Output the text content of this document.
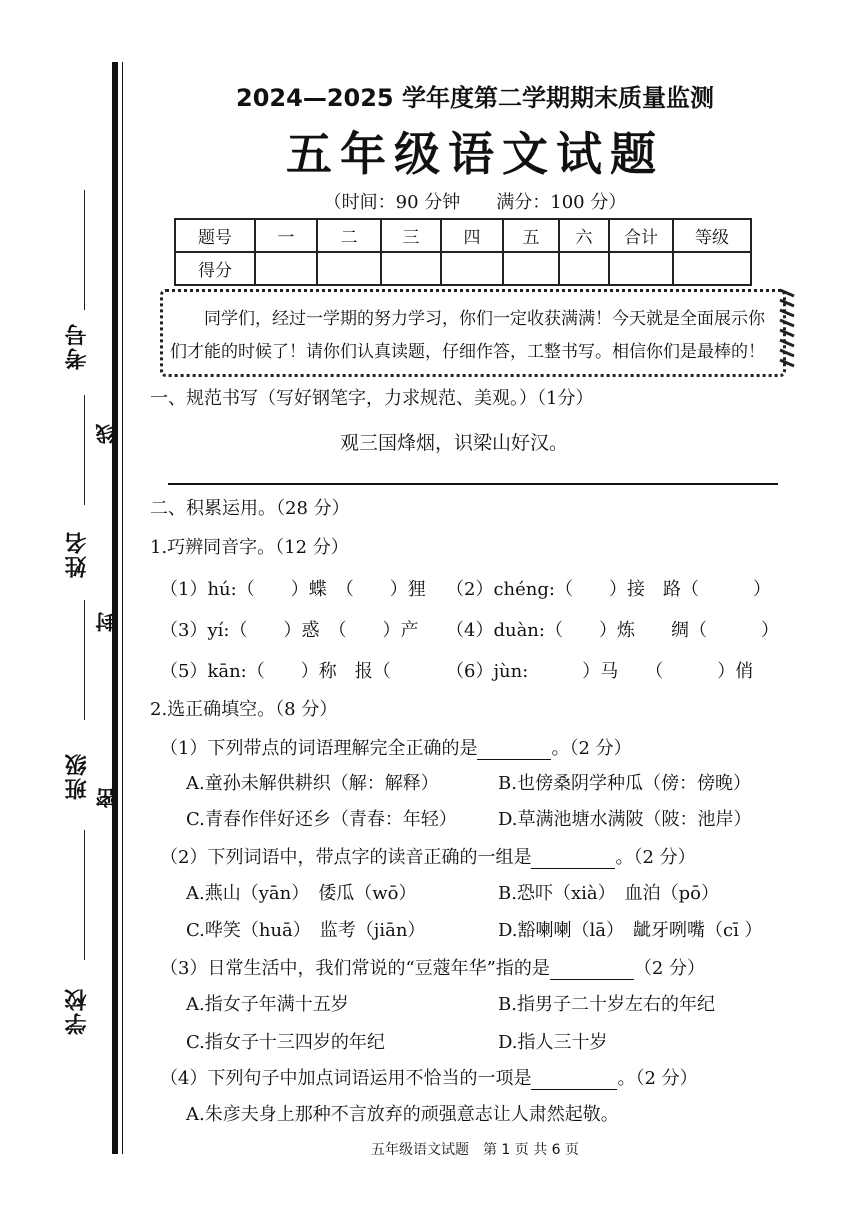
考号
姓名
班级
学校
线
封
密
2024—2025 学年度第二学期期末质量监测
五年级语文试题
（时间：90 分钟　　满分：100 分）
题号	一	二	三	四	五	六	合计	等级
得分								
同学们，经过一学期的努力学习，你们一定收获满满！今天就是全面展示你们才能的时候了！请你们认真读题，仔细作答，工整书写。相信你们是最棒的！
一、规范书写（写好钢笔字，力求规范、美观。）（1分）
观三国烽烟，识梁山好汉。
二、积累运用。（28 分）
1.巧辨同音字。（12 分）
（1）hú:（　　）蝶　（　　）狸 （2）chéng:（　　）接　路（　　　）
（3）yí:（　　）惑　（　　）产 （4）duàn:（　　）炼　　绸（　　　）
（5）kān:（　　）称　报（　　　 （6）jùn:　　　）马　　（　　　）俏
2.选正确填空。（8 分）
（1）下列带点的词语理解完全正确的是	。（2 分）
A.童孙未解供耕织（解：解释）	B.也傍桑阴学种瓜（傍：傍晚）
C.青春作伴好还乡（青春：年轻） D.草满池塘水满陂（陂：池岸）
（2）下列词语中，带点字的读音正确的一组是	。（2 分）
A.燕山（yān）　倭瓜（wō）	B.恐吓（xià）　血泊（pō）
C.哗笑（huā）　监考（jiān）	D.豁喇喇（lā）　龇牙咧嘴（cī ）
（3）日常生活中，我们常说的“豆蔻年华”指的是	（2 分）
A.指女子年满十五岁	B.指男子二十岁左右的年纪
C.指女子十三四岁的年纪	D.指人三十岁
（4）下列句子中加点词语运用不恰当的一项是	。（2 分）
A.朱彦夫身上那种不言放弃的顽强意志让人肃然起敬。
五年级语文试题　第 1 页 共 6 页
